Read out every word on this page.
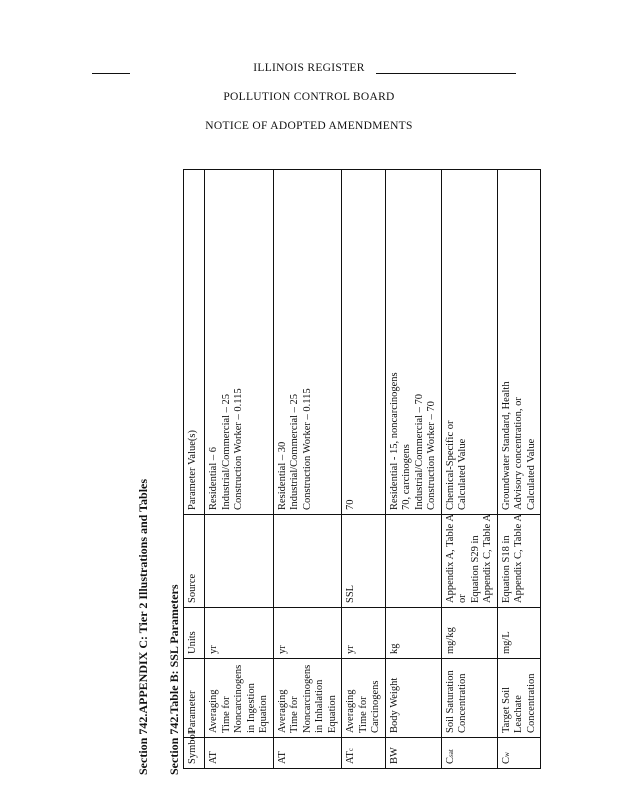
ILLINOIS REGISTER
POLLUTION CONTROL BOARD
NOTICE OF ADOPTED AMENDMENTS
Section 742.APPENDIX C: Tier 2 Illustrations and Tables Section 742.Table B: SSL Parameters Symbol	Parameter	Units	Source	Parameter Value(s)
AT	Averaging Time for Noncarcinogens in Ingestion Equation	yr		Residential – 6 Industrial/Commercial – 25 Construction Worker – 0.115

AT	Averaging Time for Noncarcinogens in Inhalation Equation	yr		Residential – 30 Industrial/Commercial – 25 Construction Worker – 0.115

ATc	Averaging Time for Carcinogens	yr	SSL	70

BW	Body Weight	kg		Residential - 15, noncarcinogens 70, carcinogens Industrial/Commercial – 70 Construction Worker – 70

Csat	Soil Saturation Concentration	mg/kg	Appendix A, Table A or Equation S29 in Appendix C, Table A	Chemical-Specific or Calculated Value

Cw	Target Soil Leachate Concentration	mg/L	Equation S18 in Appendix C, Table A	Groundwater Standard, Health Advisory concentration, or Calculated Value
